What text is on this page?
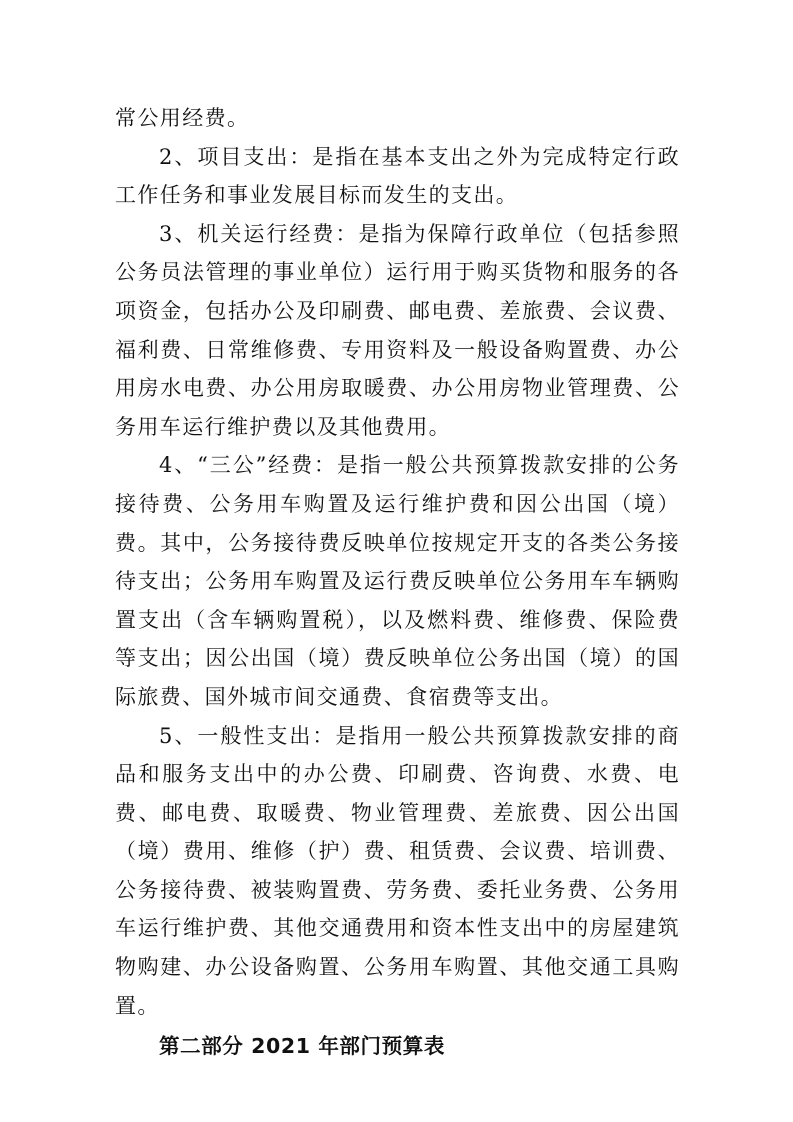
常公用经费。

2、项目支出：是指在基本支出之外为完成特定行政工作任务和事业发展目标而发生的支出。

3、机关运行经费：是指为保障行政单位（包括参照公务员法管理的事业单位）运行用于购买货物和服务的各项资金，包括办公及印刷费、邮电费、差旅费、会议费、福利费、日常维修费、专用资料及一般设备购置费、办公用房水电费、办公用房取暖费、办公用房物业管理费、公务用车运行维护费以及其他费用。

4、“三公”经费：是指一般公共预算拨款安排的公务接待费、公务用车购置及运行维护费和因公出国（境）费。其中，公务接待费反映单位按规定开支的各类公务接待支出；公务用车购置及运行费反映单位公务用车车辆购置支出（含车辆购置税），以及燃料费、维修费、保险费等支出；因公出国（境）费反映单位公务出国（境）的国际旅费、国外城市间交通费、食宿费等支出。

5、一般性支出：是指用一般公共预算拨款安排的商品和服务支出中的办公费、印刷费、咨询费、水费、电费、邮电费、取暖费、物业管理费、差旅费、因公出国（境）费用、维修（护）费、租赁费、会议费、培训费、公务接待费、被装购置费、劳务费、委托业务费、公务用车运行维护费、其他交通费用和资本性支出中的房屋建筑物购建、办公设备购置、公务用车购置、其他交通工具购置。

第二部分 2021 年部门预算表
